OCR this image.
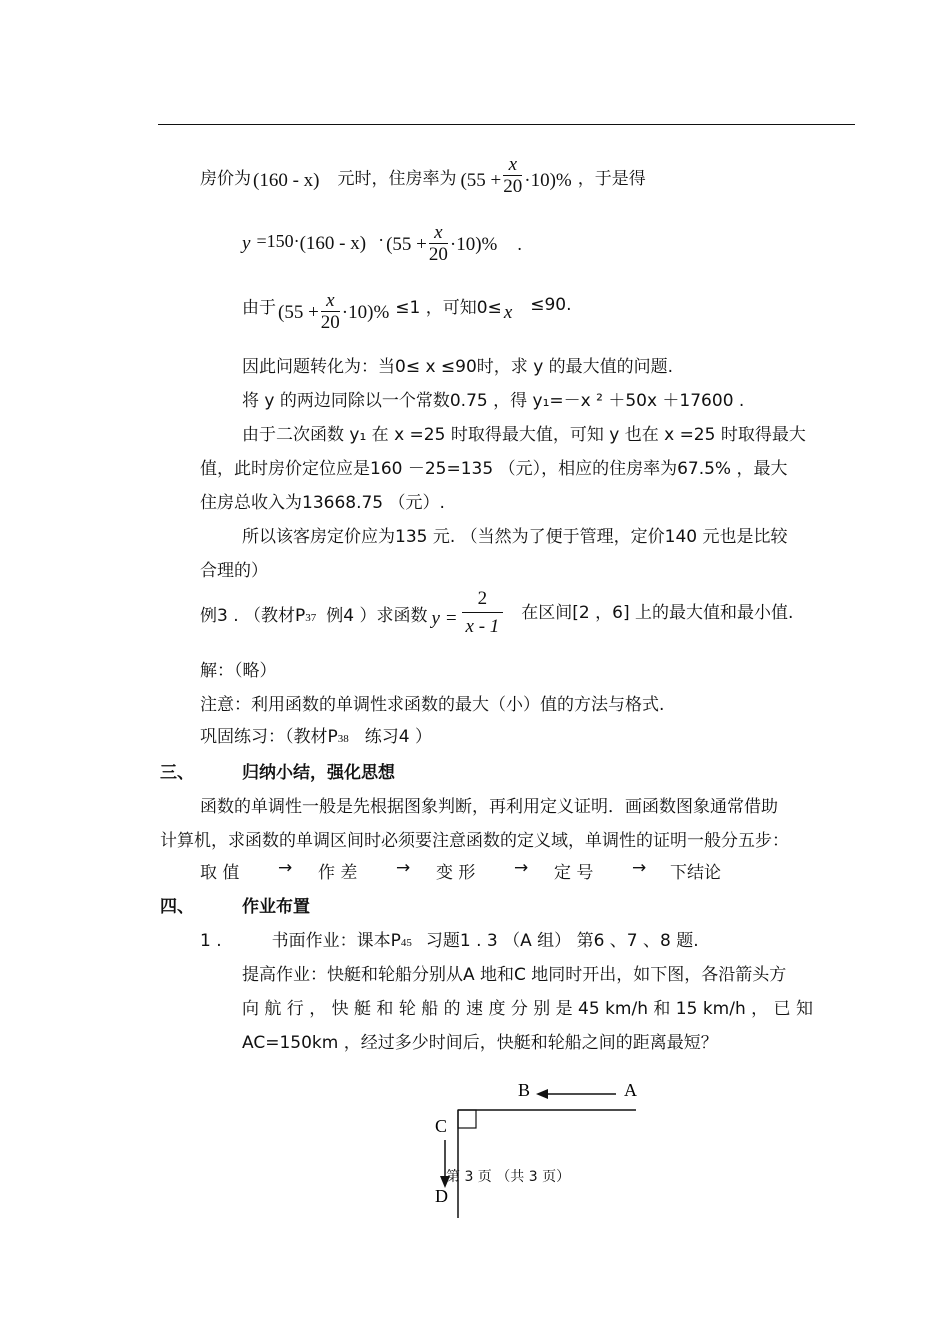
房价为 (160 - x) 元时，住房率为 $(55 + \frac{x}{20} \cdot 10)\%$ ，于是得
$y =150\cdot (160 - x) \cdot (55 + \frac{x}{20} \cdot 10)\%$ .
由于 $(55 + \frac{x}{20} \cdot 10)\% \le 1$ ，可知0≤ x ≤90.
因此问题转化为：当0≤ x ≤90时，求 y 的最大值的问题.
将 y 的两边同除以一个常数0.75 ，得 y₁=－x ² ＋50x ＋17600 .
由于二次函数 y₁ 在 x =25 时取得最大值，可知 y 也在 x =25 时取得最大
值，此时房价定位应是160 －25=135 （元），相应的住房率为67.5% ，最大
住房总收入为13668.75 （元）.
所以该客房定价应为135 元. （当然为了便于管理，定价140 元也是比较
合理的）
例3 . （教材P 37 例4 ）求函数 $y = \frac{2}{x - 1}$ 在区间[2 ，6] 上的最大值和最小值.
解：（略）
注意：利用函数的单调性求函数的最大（小）值的方法与格式.
巩固练习：（教材P38 练习4 ）
三、	归纳小结，强化思想
函数的单调性一般是先根据图象判断，再利用定义证明．画函数图象通常借助
计算机，求函数的单调区间时必须要注意函数的定义域，单调性的证明一般分五步：
取 值 → 作 差 → 变 形 → 定 号 → 下结论
四、	作业布置
1 .	书面作业：课本P45 习题1 . 3 （A 组） 第6 、7 、8 题.
提高作业：快艇和轮船分别从A 地和C 地同时开出，如下图，各沿箭头方
向 航 行 ， 快 艇 和 轮 船 的 速 度 分 别 是 45 km/h 和 15 km/h ， 已 知
AC=150km ，经过多少时间后，快艇和轮船之间的距离最短？
B	A
C
D
第 3 页 （共 3 页）
